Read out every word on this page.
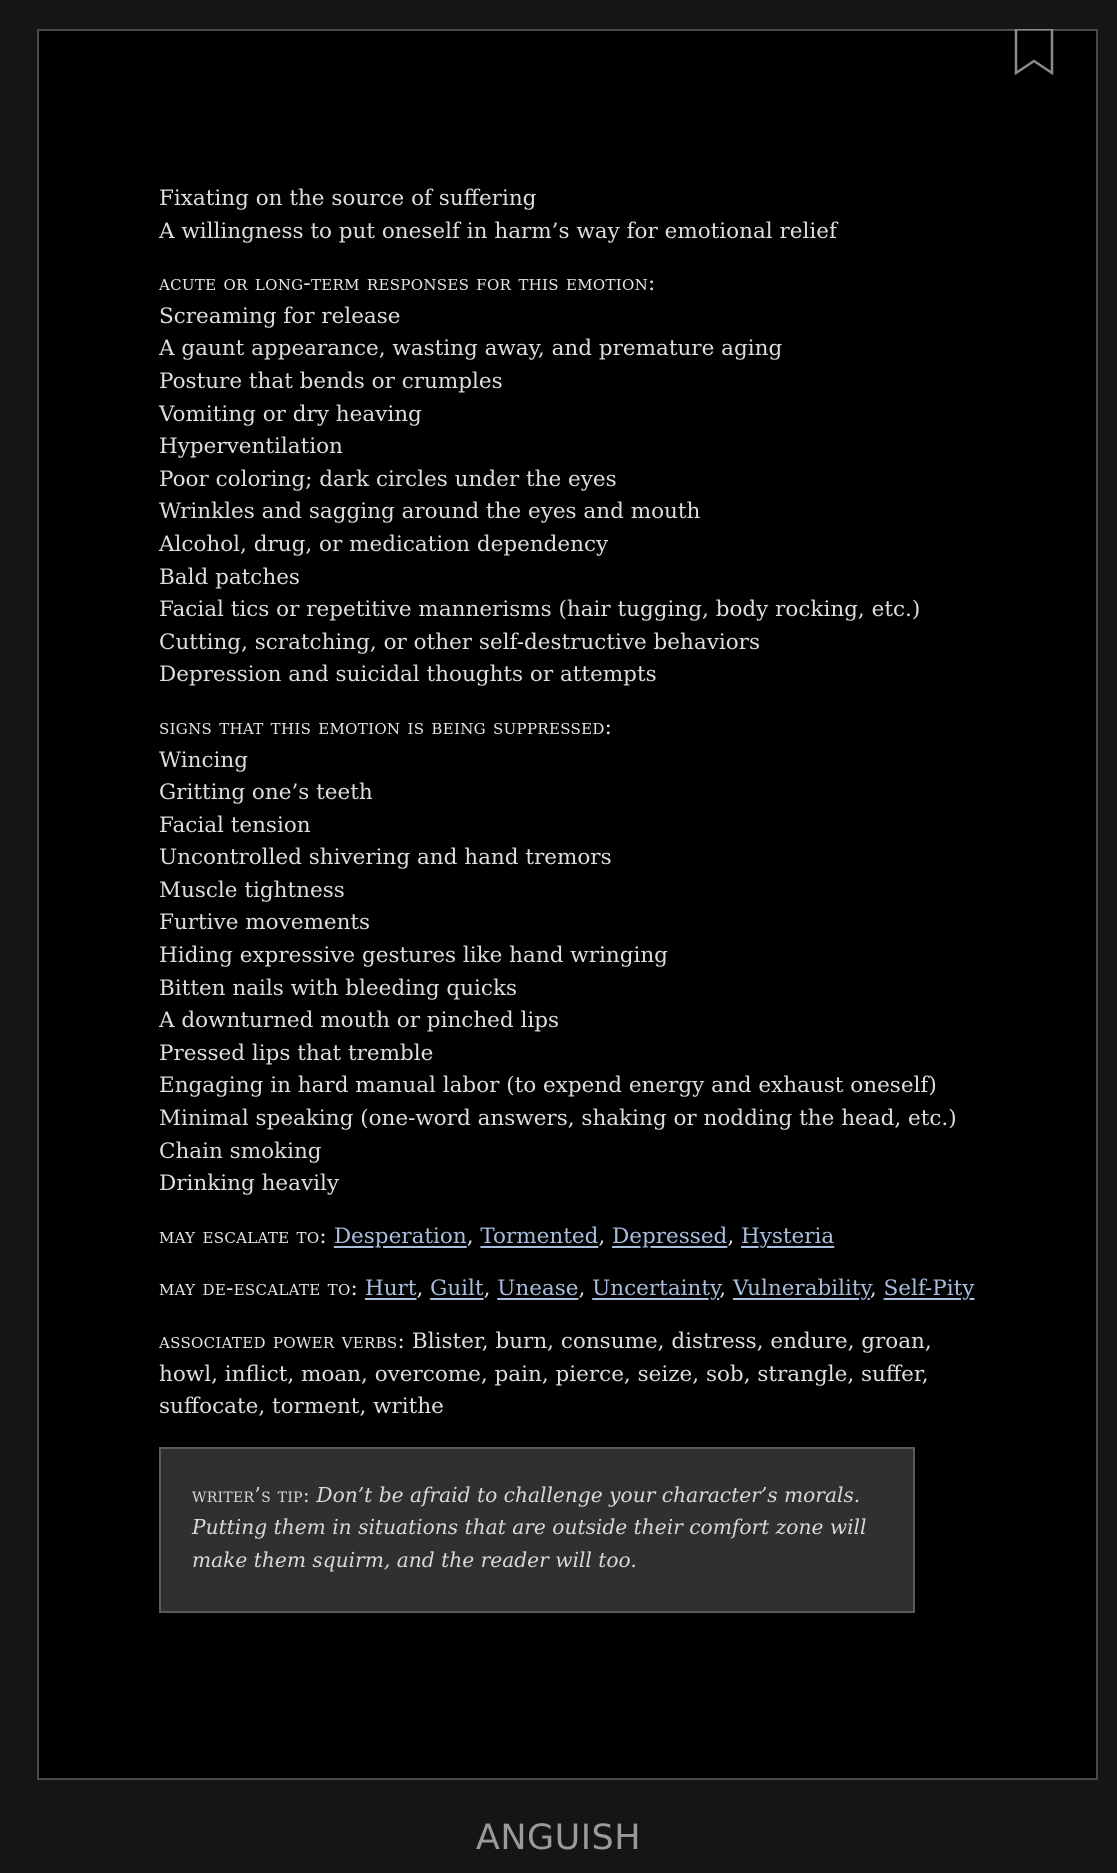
Fixating on the source of suffering
A willingness to put oneself in harm’s way for emotional relief
acute or long-term responses for this emotion:
Screaming for release
A gaunt appearance, wasting away, and premature aging
Posture that bends or crumples
Vomiting or dry heaving
Hyperventilation
Poor coloring; dark circles under the eyes
Wrinkles and sagging around the eyes and mouth
Alcohol, drug, or medication dependency
Bald patches
Facial tics or repetitive mannerisms (hair tugging, body rocking, etc.)
Cutting, scratching, or other self-destructive behaviors
Depression and suicidal thoughts or attempts
signs that this emotion is being suppressed:
Wincing
Gritting one’s teeth
Facial tension
Uncontrolled shivering and hand tremors
Muscle tightness
Furtive movements
Hiding expressive gestures like hand wringing
Bitten nails with bleeding quicks
A downturned mouth or pinched lips
Pressed lips that tremble
Engaging in hard manual labor (to expend energy and exhaust oneself)
Minimal speaking (one-word answers, shaking or nodding the head, etc.)
Chain smoking
Drinking heavily
may escalate to: Desperation, Tormented, Depressed, Hysteria
may de-escalate to: Hurt, Guilt, Unease, Uncertainty, Vulnerability, Self-Pity
associated power verbs: Blister, burn, consume, distress, endure, groan, howl, inflict, moan, overcome, pain, pierce, seize, sob, strangle, suffer, suffocate, torment, writhe
writer’s tip: Don’t be afraid to challenge your character’s morals. Putting them in situations that are outside their comfort zone will make them squirm, and the reader will too.
ANGUISH
